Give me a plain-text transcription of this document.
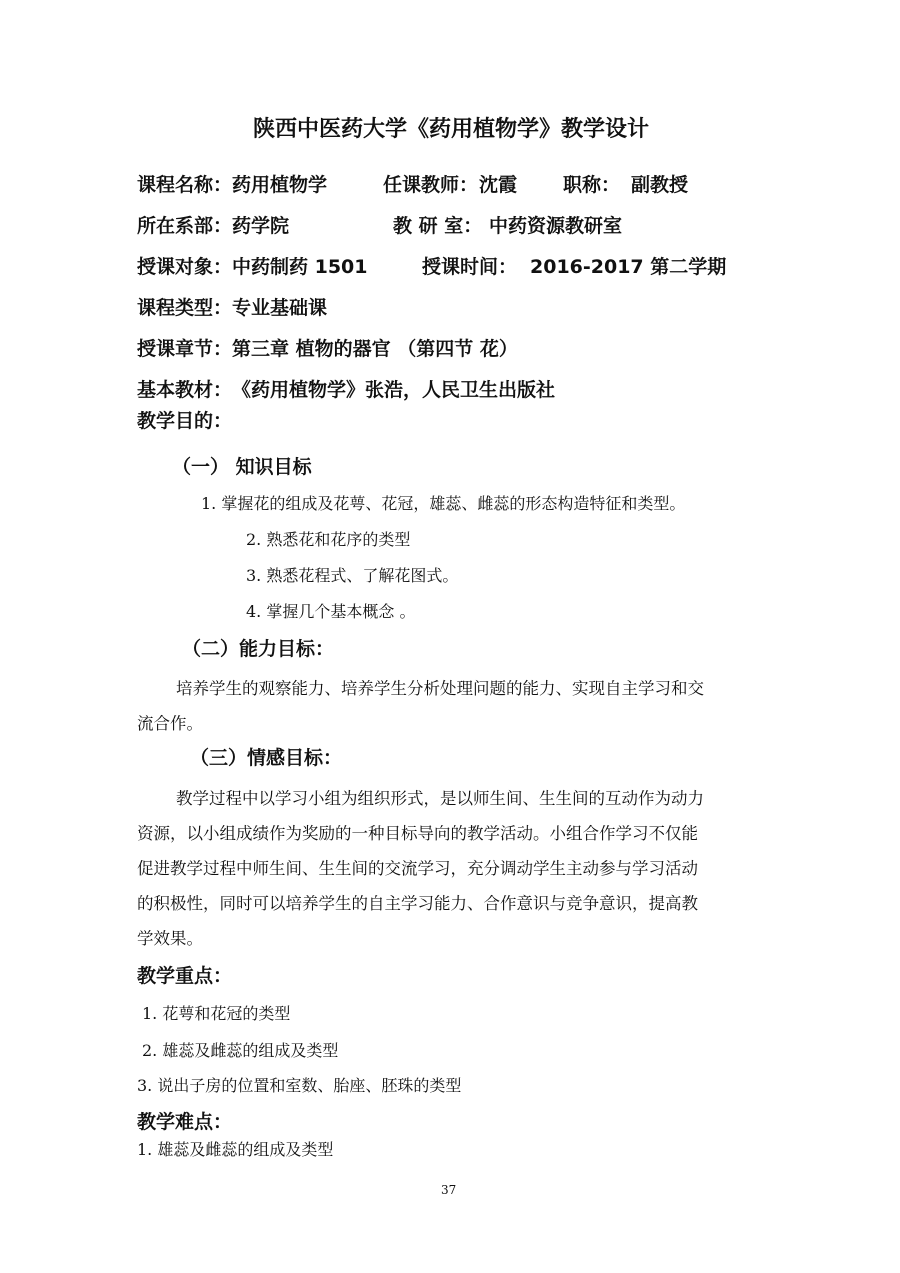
陕西中医药大学《药用植物学》教学设计
课程名称： 药用植物学	任课教师： 沈霞 职称： 副教授
所在系部： 药学院	教 研 室： 中药资源教研室
授课对象： 中药制药 1501	授课时间： 2016-2017 第二学期
课程类型： 专业基础课
授课章节： 第三章 植物的器官 （第四节 花）
基本教材： 《药用植物学》张浩，人民卫生出版社
教学目的：
（一） 知识目标
1. 掌握花的组成及花萼、花冠，雄蕊、雌蕊的形态构造特征和类型。
2. 熟悉花和花序的类型
3. 熟悉花程式、了解花图式。
4. 掌握几个基本概念 。
（二）能力目标：
培养学生的观察能力、培养学生分析处理问题的能力、实现自主学习和交
流合作。
（三）情感目标：
教学过程中以学习小组为组织形式，是以师生间、生生间的互动作为动力
资源，以小组成绩作为奖励的一种目标导向的教学活动。小组合作学习不仅能
促进教学过程中师生间、生生间的交流学习，充分调动学生主动参与学习活动
的积极性，同时可以培养学生的自主学习能力、合作意识与竞争意识，提高教
学效果。
教学重点：
1. 花萼和花冠的类型
2. 雄蕊及雌蕊的组成及类型
3. 说出子房的位置和室数、胎座、胚珠的类型
教学难点：
1. 雄蕊及雌蕊的组成及类型
37
